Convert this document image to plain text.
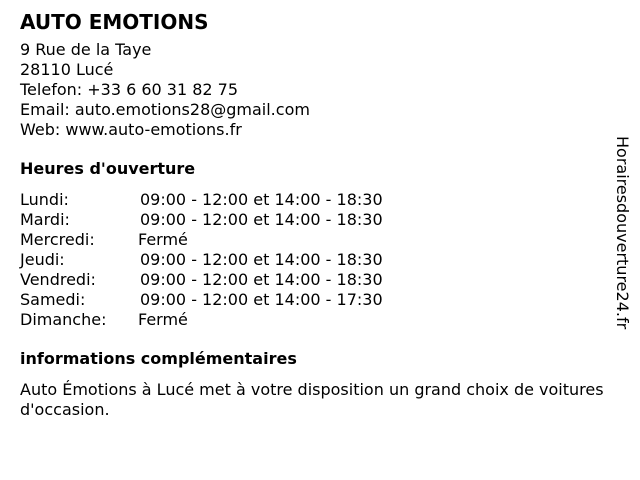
AUTO EMOTIONS
9 Rue de la Taye
28110 Lucé
Telefon: +33 6 60 31 82 75
Email: auto.emotions28@gmail.com
Web: www.auto-emotions.fr
Heures d'ouverture
Lundi:	09:00 - 12:00 et 14:00 - 18:30
Mardi:	09:00 - 12:00 et 14:00 - 18:30
Mercredi:	Fermé
Jeudi:	09:00 - 12:00 et 14:00 - 18:30
Vendredi:	09:00 - 12:00 et 14:00 - 18:30
Samedi:	09:00 - 12:00 et 14:00 - 17:30
Dimanche:	Fermé
informations complémentaires
Auto Émotions à Lucé met à votre disposition un grand choix de voitures d'occasion.
Horairesdouverture24.fr
